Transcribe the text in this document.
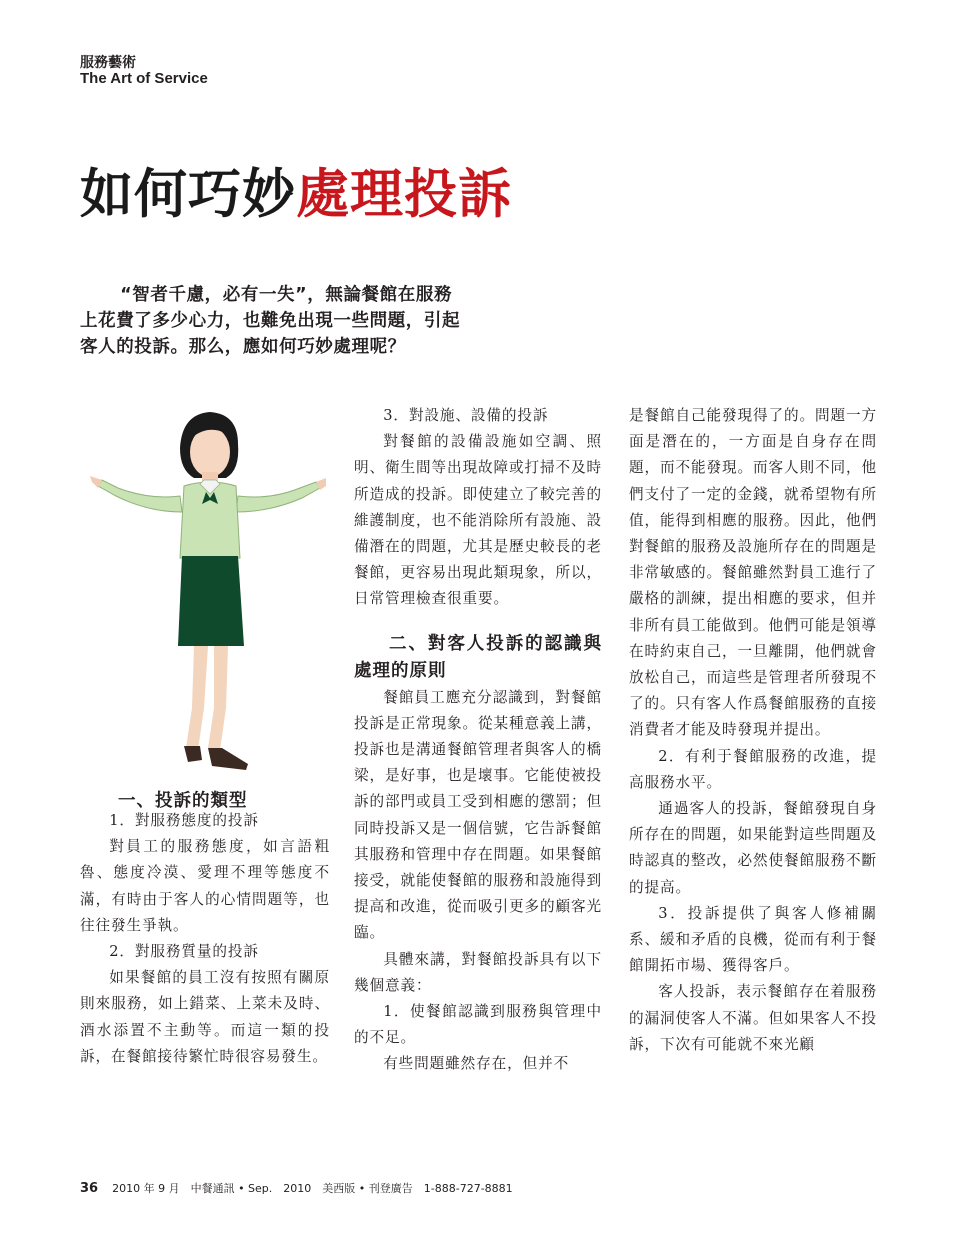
服務藝術
The Art of Service
如何巧妙處理投訴

“智者千慮，必有一失”，無論餐館在服務

上花費了多少心力，也難免出現一些問題，引起

客人的投訴。那么，應如何巧妙處理呢？

一、投訴的類型

1．對服務態度的投訴

對員工的服務態度，如言語粗魯、態度冷漠、愛理不理等態度不滿，有時由于客人的心情問題等，也往往發生爭執。

2．對服務質量的投訴

如果餐館的員工沒有按照有關原則來服務，如上錯菜、上菜未及時、酒水添置不主動等。而這一類的投訴，在餐館接待繁忙時很容易發生。

3．對設施、設備的投訴

對餐館的設備設施如空調、照明、衛生間等出現故障或打掃不及時所造成的投訴。即使建立了較完善的維護制度，也不能消除所有設施、設備潛在的問題，尤其是歷史較長的老餐館，更容易出現此類現象，所以，日常管理檢查很重要。

二、對客人投訴的認識與處理的原則

餐館員工應充分認識到，對餐館投訴是正常現象。從某種意義上講，投訴也是溝通餐館管理者與客人的橋梁，是好事，也是壞事。它能使被投訴的部門或員工受到相應的懲罰；但同時投訴又是一個信號，它告訴餐館其服務和管理中存在問題。如果餐館接受，就能使餐館的服務和設施得到提高和改進，從而吸引更多的顧客光臨。

具體來講，對餐館投訴具有以下幾個意義：

1．使餐館認識到服務與管理中的不足。

有些問題雖然存在，但并不

是餐館自己能發現得了的。問題一方面是潛在的，一方面是自身存在問題，而不能發現。而客人則不同，他們支付了一定的金錢，就希望物有所值，能得到相應的服務。因此，他們對餐館的服務及設施所存在的問題是非常敏感的。餐館雖然對員工進行了嚴格的訓練，提出相應的要求，但并非所有員工能做到。他們可能是領導在時約束自己，一旦離開，他們就會放松自己，而這些是管理者所發現不了的。只有客人作爲餐館服務的直接消費者才能及時發現并提出。

2．有利于餐館服務的改進，提高服務水平。

通過客人的投訴，餐館發現自身所存在的問題，如果能對這些問題及時認真的整改，必然使餐館服務不斷的提高。

3．投訴提供了與客人修補關系、緩和矛盾的良機，從而有利于餐館開拓市場、獲得客戶。

客人投訴，表示餐館存在着服務的漏洞使客人不滿。但如果客人不投訴，下次有可能就不來光顧

36 2010 年 9 月　中餐通訊 • Sep.　2010　美西版 • 刊登廣告　1-888-727-8881
